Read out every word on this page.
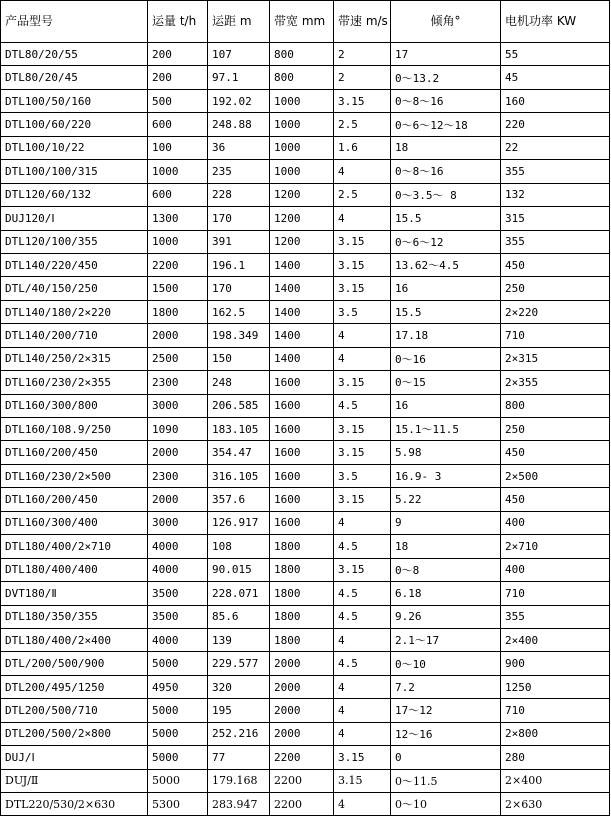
产品型号	运量 t/h	运距 m	带宽 mm	带速 m/s	倾角°	电机功率 KW
DTL80/20/55	200	107	800	2	17	55
DTL80/20/45	200	97.1	800	2	0～13.2	45
DTL100/50/160	500	192.02	1000	3.15	0～8～16	160
DTL100/60/220	600	248.88	1000	2.5	0～6～12～18	220
DTL100/10/22	100	36	1000	1.6	18	22
DTL100/100/315	1000	235	1000	4	0～8～16	355
DTL120/60/132	600	228	1200	2.5	0～3.5～ 8	132
DUJ120/Ⅰ	1300	170	1200	4	15.5	315
DTL120/100/355	1000	391	1200	3.15	0～6～12	355
DTL140/220/450	2200	196.1	1400	3.15	13.62～4.5	450
DTL/40/150/250	1500	170	1400	3.15	16	250
DTL140/180/2×220	1800	162.5	1400	3.5	15.5	2×220
DTL140/200/710	2000	198.349	1400	4	17.18	710
DTL140/250/2×315	2500	150	1400	4	0～16	2×315
DTL160/230/2×355	2300	248	1600	3.15	0～15	2×355
DTL160/300/800	3000	206.585	1600	4.5	16	800
DTL160/108.9/250	1090	183.105	1600	3.15	15.1～11.5	250
DTL160/200/450	2000	354.47	1600	3.15	5.98	450
DTL160/230/2×500	2300	316.105	1600	3.5	16.9- 3	2×500
DTL160/200/450	2000	357.6	1600	3.15	5.22	450
DTL160/300/400	3000	126.917	1600	4	9	400
DTL180/400/2×710	4000	108	1800	4.5	18	2×710
DTL180/400/400	4000	90.015	1800	3.15	0～8	400
DVT180/Ⅱ	3500	228.071	1800	4.5	6.18	710
DTL180/350/355	3500	85.6	1800	4.5	9.26	355
DTL180/400/2×400	4000	139	1800	4	2.1～17	2×400
DTL/200/500/900	5000	229.577	2000	4.5	0～10	900
DTL200/495/1250	4950	320	2000	4	7.2	1250
DTL200/500/710	5000	195	2000	4	17～12	710
DTL200/500/2×800	5000	252.216	2000	4	12～16	2×800
DUJ/Ⅰ	5000	77	2200	3.15	0	280
DUJ/Ⅱ	5000	179.168	2200	3.15	0～11.5	2×400
DTL220/530/2×630	5300	283.947	2200	4	0～10	2×630
